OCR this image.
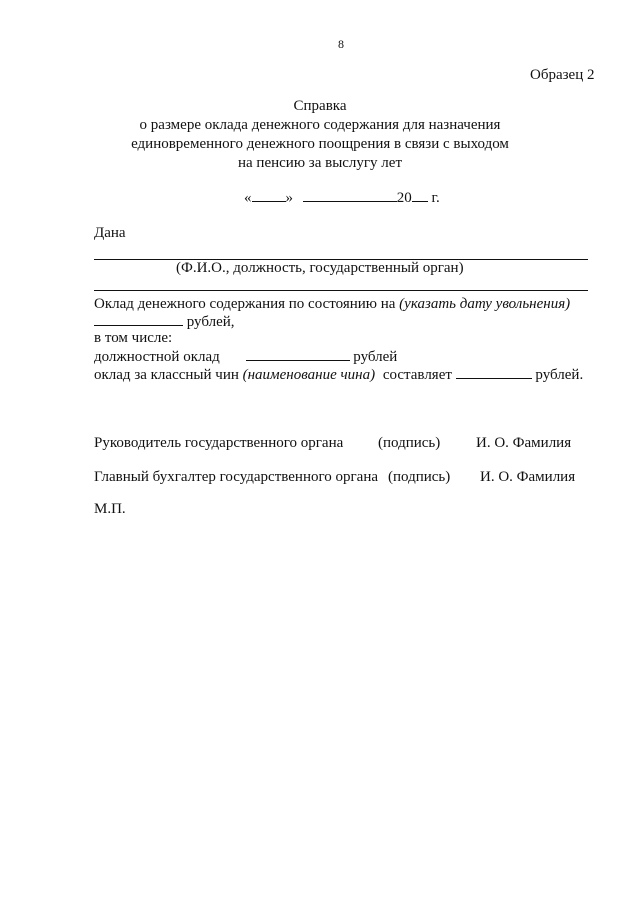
8
Образец 2
Справка
о размере оклада денежного содержания для назначения
единовременного денежного поощрения в связи с выходом
на пенсию за выслугу лет
« »	20 г.
Дана
(Ф.И.О., должность, государственный орган)
Оклад денежного содержания по состоянию на (указать дату увольнения)
рублей,
в том числе:
должностной оклад	рублей
оклад за классный чин (наименование чина) составляет	рублей.
Руководитель государственного органа (подпись) И. О. Фамилия
Главный бухгалтер государственного органа (подпись) И. О. Фамилия
М.П.
